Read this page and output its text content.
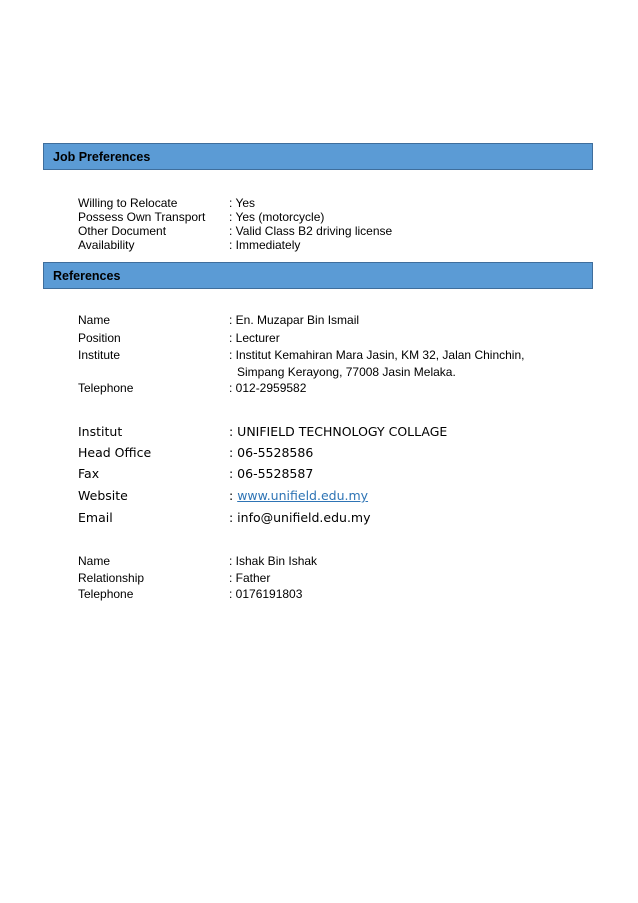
Job Preferences
Willing to Relocate	: Yes
Possess Own Transport : Yes (motorcycle)
Other Document	: Valid Class B2 driving license
Availability	: Immediately
References
Name	: En. Muzapar Bin Ismail
Position	: Lecturer
Institute	: Institut Kemahiran Mara Jasin, KM 32, Jalan Chinchin,
Simpang Kerayong, 77008 Jasin Melaka.
Telephone	: 012-2959582
Institut	: UNIFIELD TECHNOLOGY COLLAGE
Head Office	: 06-5528586
Fax	: 06-5528587
Website	: www.unifield.edu.my
Email	: info@unifield.edu.my
Name	: Ishak Bin Ishak
Relationship	: Father
Telephone	: 0176191803
